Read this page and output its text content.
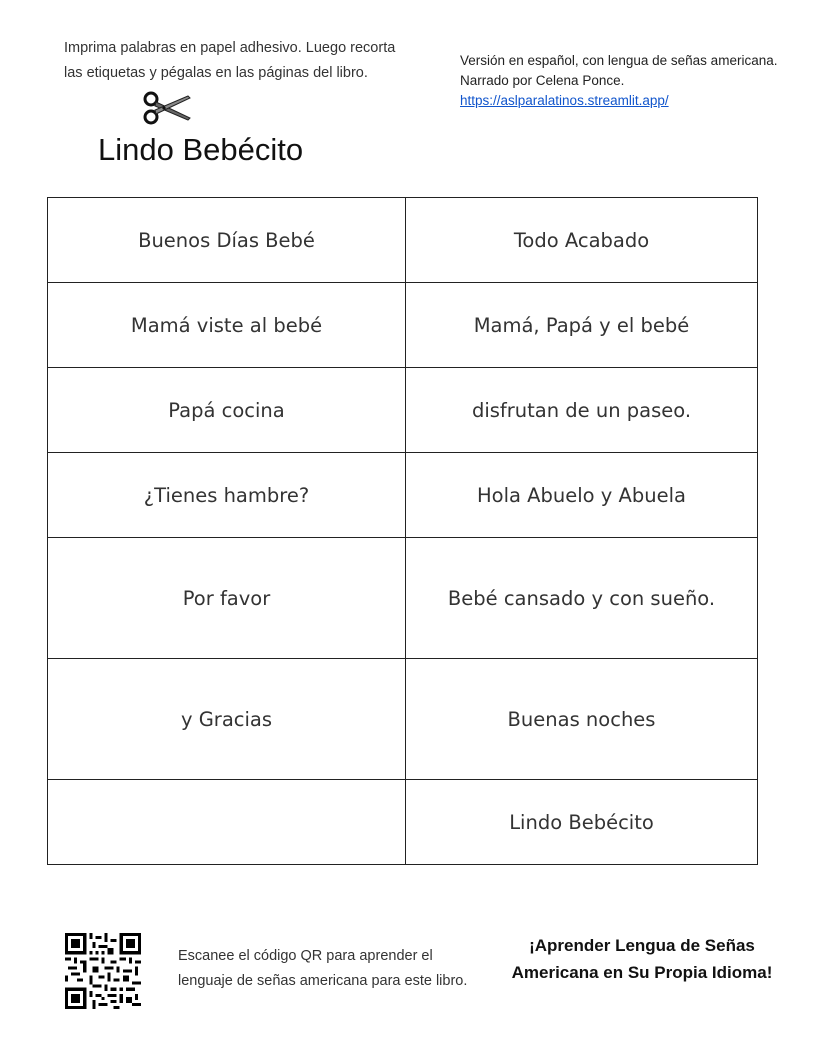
Imprima palabras en papel adhesivo. Luego recorta las etiquetas y pégalas en las páginas del libro.
Lindo Bebécito
Versión en español, con lengua de señas americana.
Narrado por Celena Ponce.
https://aslparalatinos.streamlit.app/
Buenos Días Bebé	Todo Acabado
Mamá viste al bebé	Mamá, Papá y el bebé
Papá cocina	disfrutan de un paseo.
¿Tienes hambre?	Hola Abuelo y Abuela
Por favor	Bebé cansado y con sueño.
y Gracias	Buenas noches
	Lindo Bebécito
Escanee el código QR para aprender el lenguaje de señas americana para este libro.
¡Aprender Lengua de Señas
Americana en Su Propia Idioma!
